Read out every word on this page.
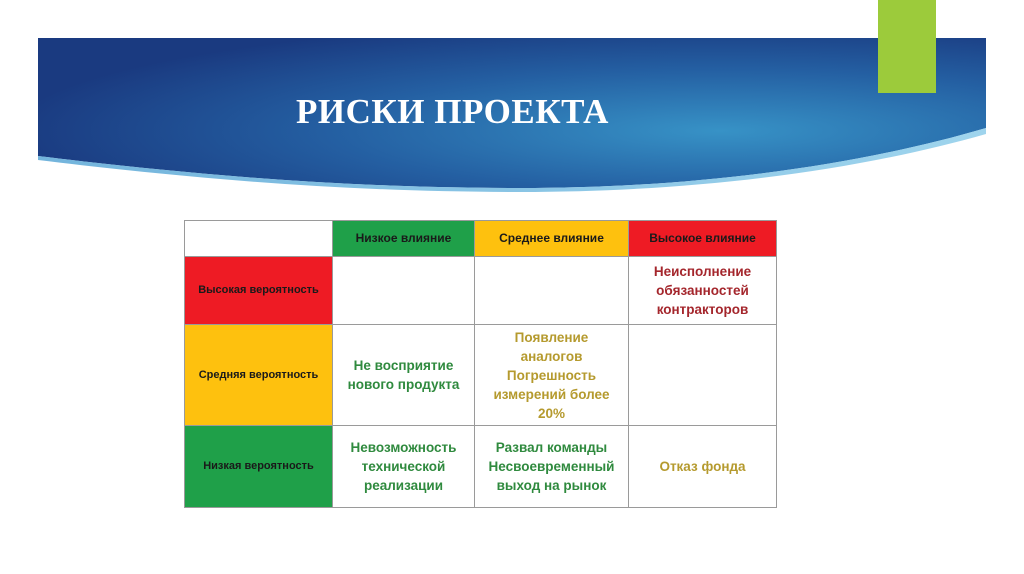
РИСКИ ПРОЕКТА
	Низкое влияние	Среднее влияние	Высокое влияние
Высокая вероятность			Неисполнение
обязанностей
контракторов

Средняя вероятность	Не восприятие
нового продукта	Появление
аналогов
Погрешность
измерений более
20%	

Низкая вероятность	Невозможность
технической
реализации	Развал команды
Несвоевременный
выход на рынок	Отказ фонда
